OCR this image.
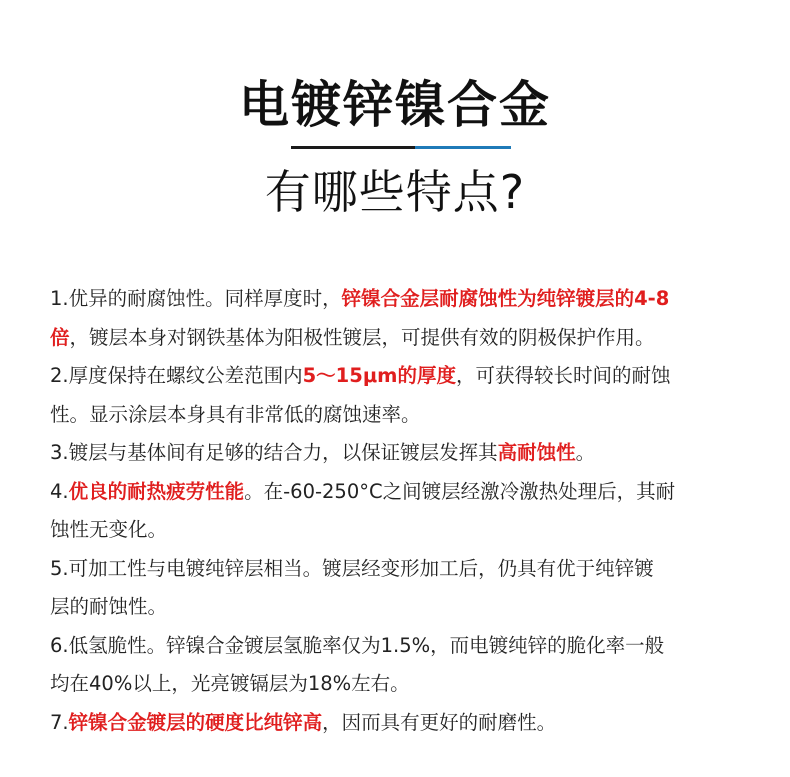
电镀锌镍合金
有哪些特点?
1.优异的耐腐蚀性。同样厚度时，锌镍合金层耐腐蚀性为纯锌镀层的4-8
倍，镀层本身对钢铁基体为阳极性镀层，可提供有效的阴极保护作用。
2.厚度保持在螺纹公差范围内5～15μm的厚度，可获得较长时间的耐蚀
性。显示涂层本身具有非常低的腐蚀速率。
3.镀层与基体间有足够的结合力，以保证镀层发挥其高耐蚀性。
4.优良的耐热疲劳性能。在-60-250°C之间镀层经激冷激热处理后，其耐
蚀性无变化。
5.可加工性与电镀纯锌层相当。镀层经变形加工后，仍具有优于纯锌镀
层的耐蚀性。
6.低氢脆性。锌镍合金镀层氢脆率仅为1.5%，而电镀纯锌的脆化率一般
均在40%以上，光亮镀镉层为18%左右。
7.锌镍合金镀层的硬度比纯锌高，因而具有更好的耐磨性。
